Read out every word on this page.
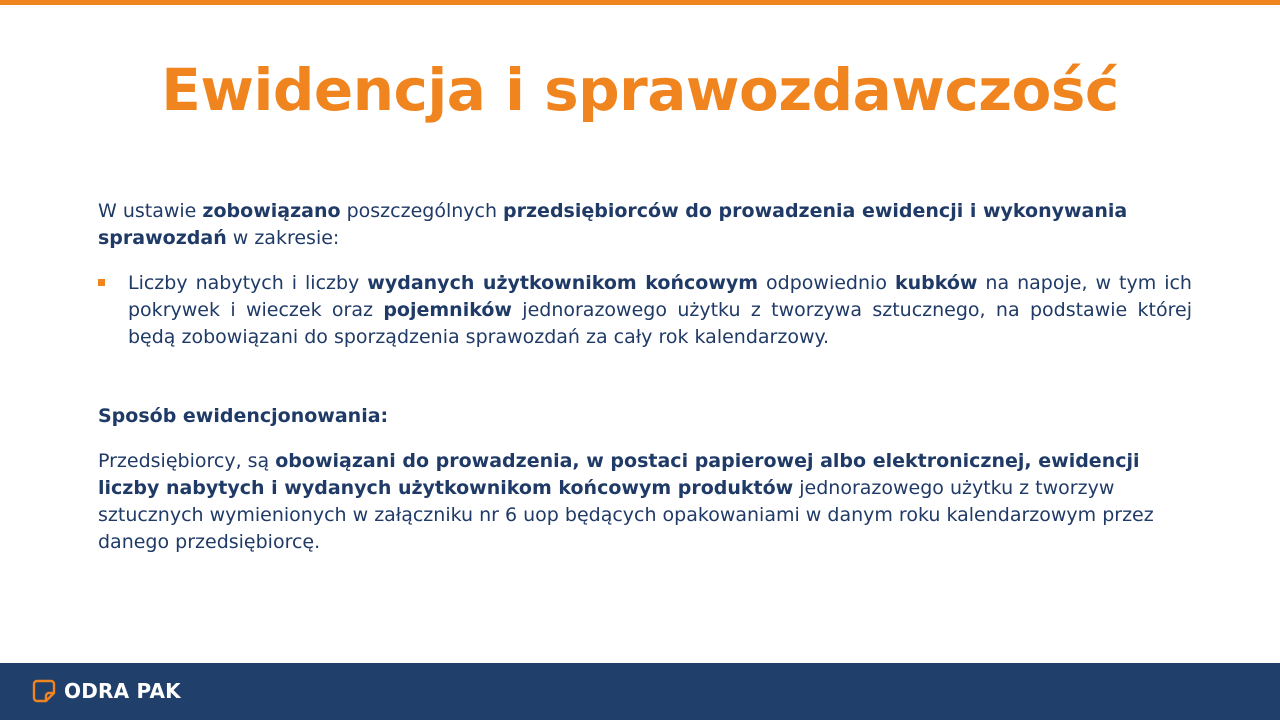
Ewidencja i sprawozdawczość

W ustawie zobowiązano poszczególnych przedsiębiorców do prowadzenia ewidencji i wykonywania sprawozdań w zakresie:

Liczby nabytych i liczby wydanych użytkownikom końcowym odpowiednio kubków na napoje, w tym ich pokrywek i wieczek oraz pojemników jednorazowego użytku z tworzywa sztucznego, na podstawie której będą zobowiązani do sporządzenia sprawozdań za cały rok kalendarzowy.

Sposób ewidencjonowania:

Przedsiębiorcy, są obowiązani do prowadzenia, w postaci papierowej albo elektronicznej, ewidencji liczby nabytych i wydanych użytkownikom końcowym produktów jednorazowego użytku z tworzyw sztucznych wymienionych w załączniku nr 6 uop będących opakowaniami w danym roku kalendarzowym przez danego przedsiębiorcę.

ODRA PAK
